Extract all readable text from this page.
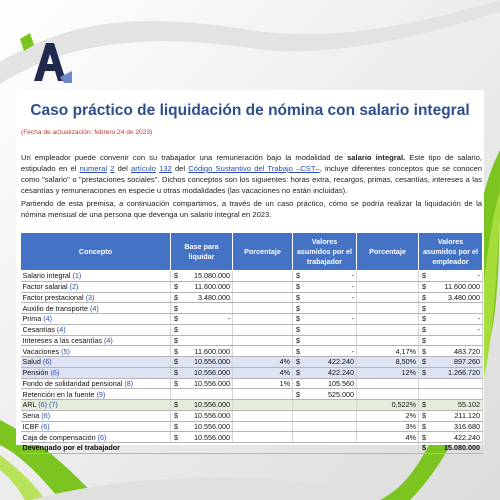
Caso práctico de liquidación de nómina con salario integral
(Fecha de actualización: febrero 24 de 2023)
Un empleador puede convenir con su trabajador una remuneración bajo la modalidad de salario integral. Este tipo de salario, estipulado en el numeral 2 del artículo 132 del Código Sustantivo del Trabajo –CST–, incluye diferentes conceptos que se conocen como "salario" o "prestaciones sociales". Dichos conceptos son los siguientes: horas extra, recargos, primas, cesantías, intereses a las cesantías y remuneraciones en especie u otras modalidades (las vacaciones no están incluidas).
Partiendo de esta premisa, a continuación compartimos, a través de un caso práctico, cómo se podría realizar la liquidación de la nómina mensual de una persona que devenga un salario integral en 2023.
Concepto	Base para liquidar	Porcentaje	Valores asumidos por el trabajador	Porcentaje	Valores asumidos por el empleador
Salario integral (1)	$ 15.080.000		$ -		$ -

Factor salarial (2)	$ 11.600.000		$ -		$ 11.600.000

Factor prestacional (3)	$ 3.480.000		$ -		$ 3.480.000

Auxilio de transporte (4)	$		$		$

Prima (4)	$ -		$ -		$ -

Cesantías (4)	$		$		$ -

Intereses a las cesantías (4)	$		$		$

Vacaciones (5)	$ 11.600.000		$ -	4,17%	$ 483.720

Salud (6)	$ 10.556.000	4%	$ 422.240	8,50%	$ 897.260

Pensión (6)	$ 10.556.000	4%	$ 422.240	12%	$ 1.266.720

Fondo de solidaridad pensional (8)	$ 10.556.000	1%	$ 105.560		

Retención en la fuente (9)			$ 525.000		

ARL (6) (7)	$ 10.556.000			0,522%	$ 55.102

Sena (6)	$ 10.556.000			2%	$ 211.120

ICBF (6)	$ 10.556.000			3%	$ 316.680

Caja de compensación (6)	$ 10.556.000			4%	$ 422.240

Devengado por el trabajador					$ 15.080.000
